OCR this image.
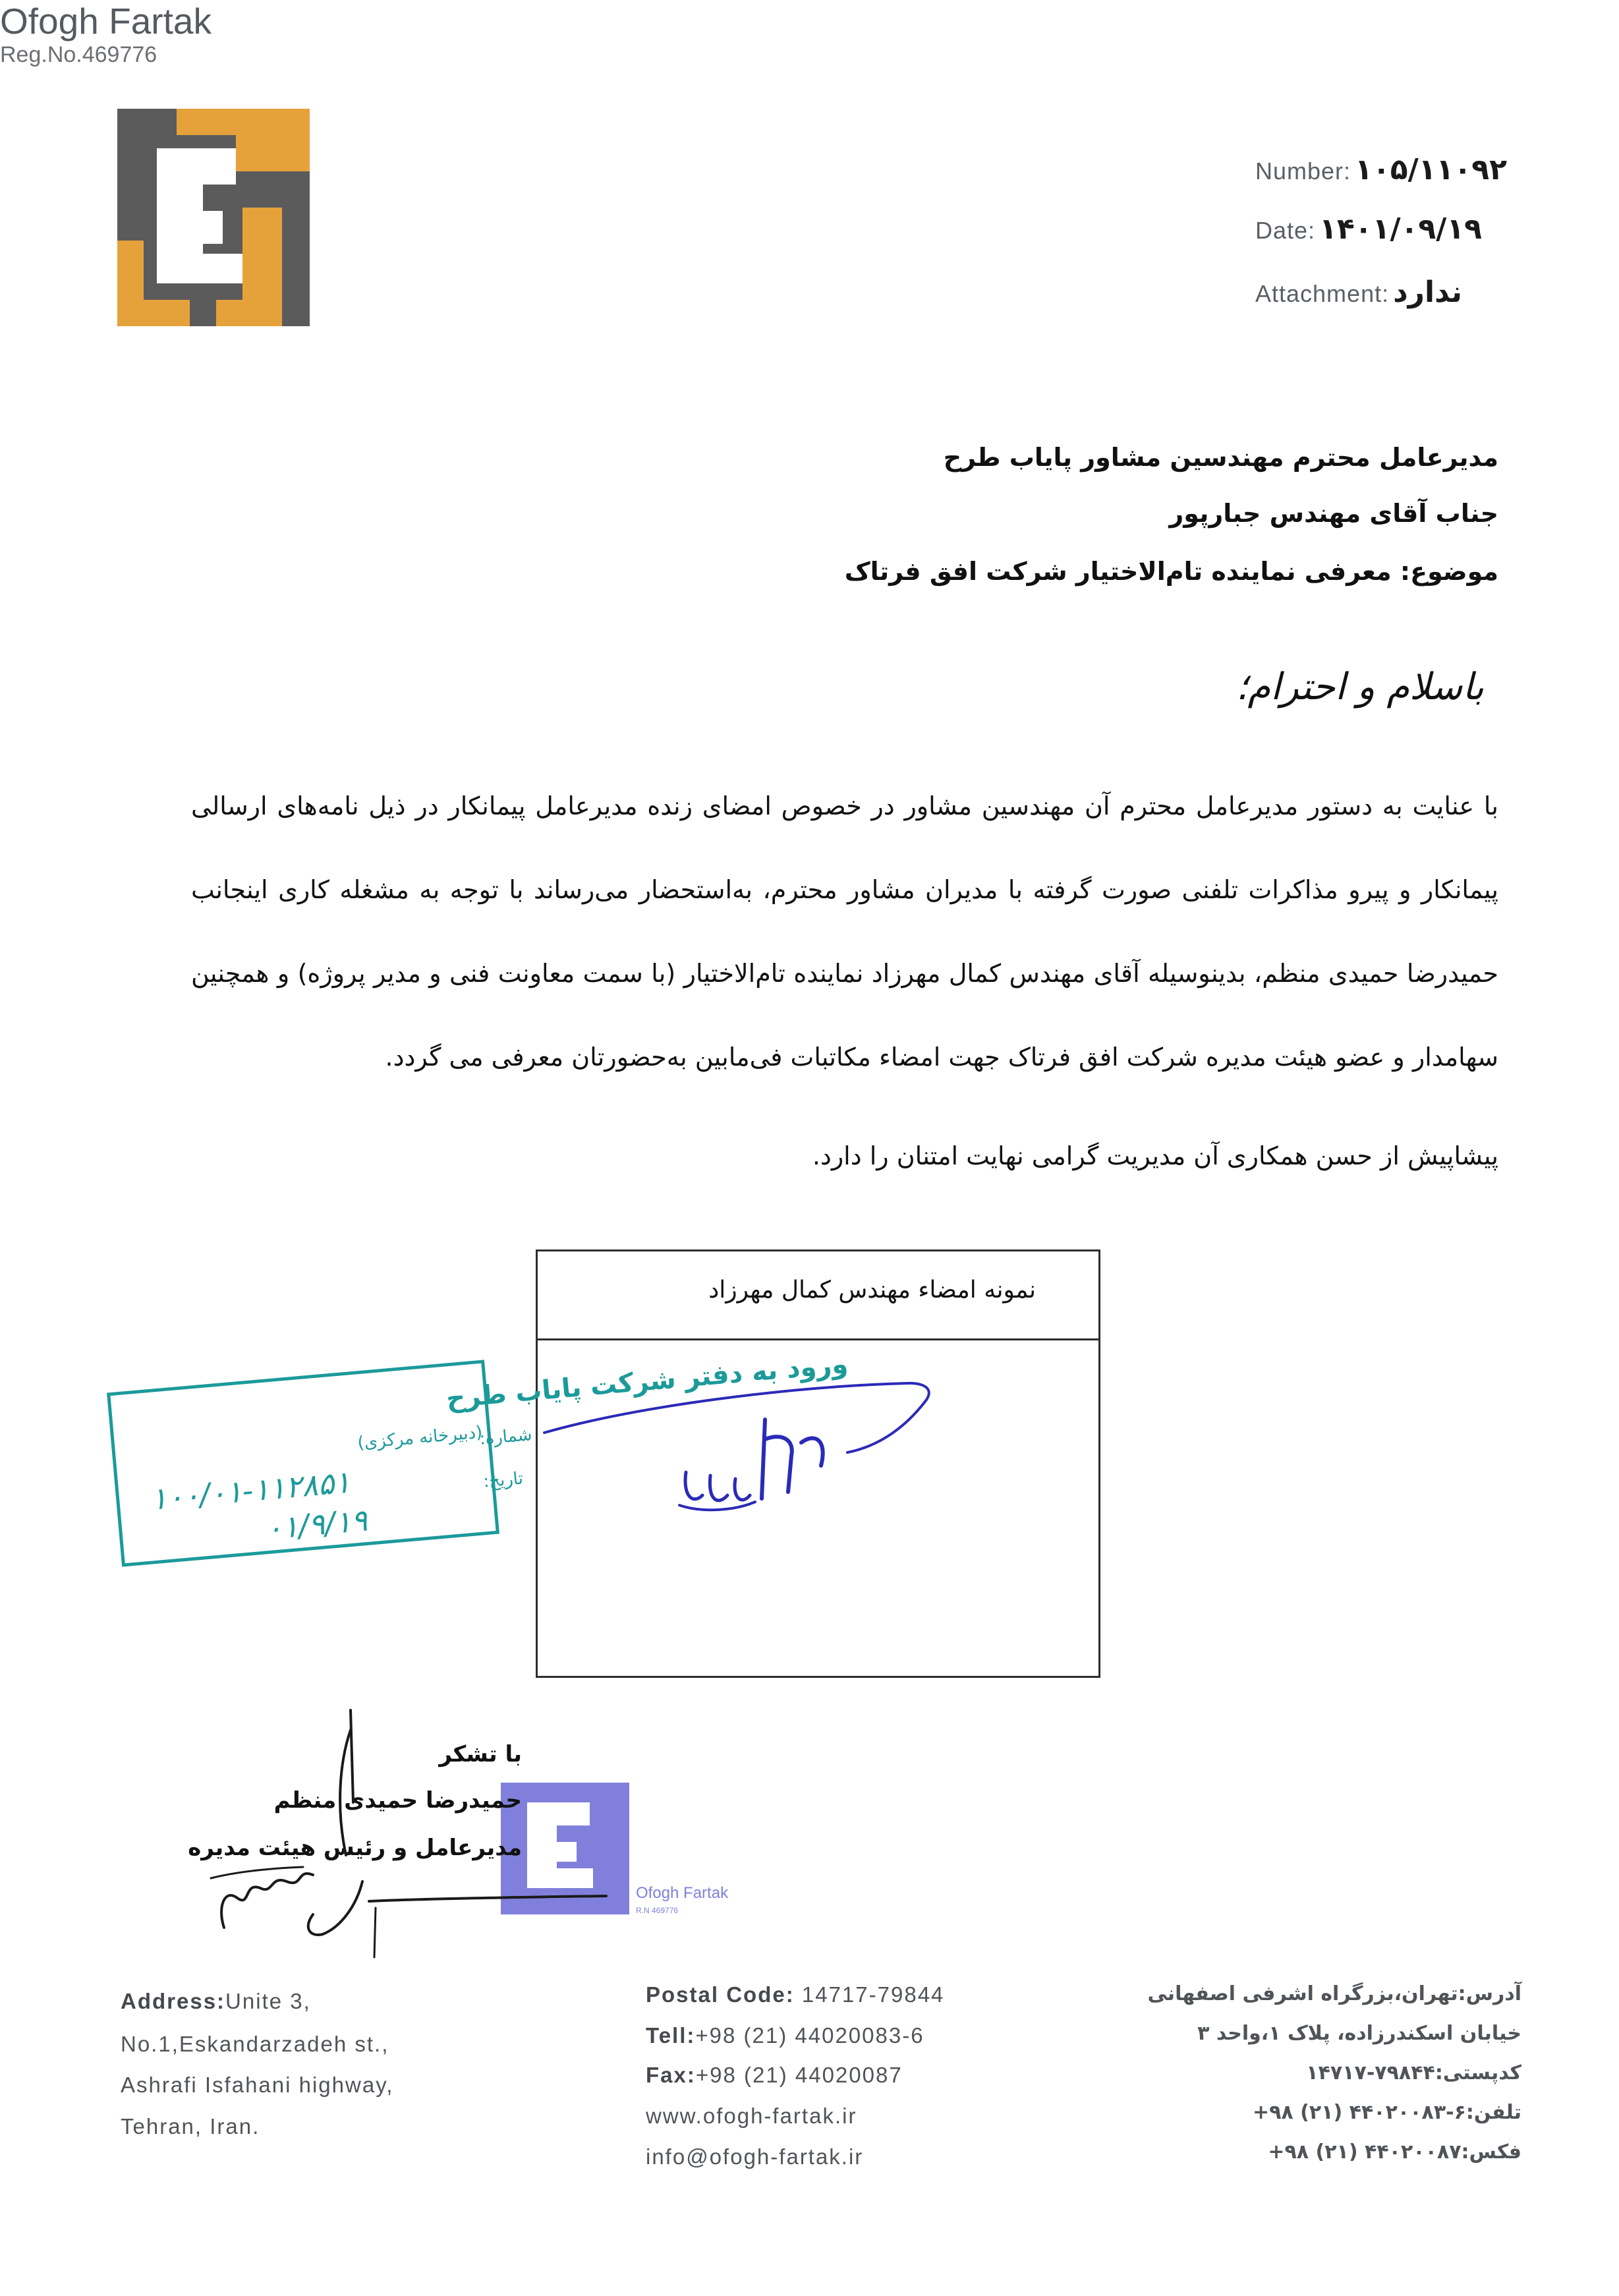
Ofogh Fartak
Reg.No.469776
Number: ۱۰۵/۱۱۰۹۲
Date: ۱۴۰۱/۰۹/۱۹
Attachment: ندارد
مدیرعامل محترم مهندسین مشاور پایاب طرح
جناب آقای مهندس جبارپور
موضوع: معرفی نماینده تام‌الاختیار شرکت افق فرتاک
باسلام و احترام؛
با عنایت به دستور مدیرعامل محترم آن مهندسین مشاور در خصوص امضای زنده مدیرعامل پیمانکار در ذیل نامه‌های ارسالی پیمانکار و پیرو مذاکرات تلفنی صورت گرفته با مدیران مشاور محترم، به‌استحضار می‌رساند با توجه به مشغله کاری اینجانب حمیدرضا حمیدی منظم، بدینوسیله آقای مهندس کمال مهرزاد نماینده تام‌الاختیار (با سمت معاونت فنی و مدیر پروژه) و همچنین سهامدار و عضو هیئت مدیره شرکت افق فرتاک جهت امضاء مکاتبات فی‌مابین به‌حضورتان معرفی می گردد.
پیشاپیش از حسن همکاری آن مدیریت گرامی نهایت امتنان را دارد.
نمونه امضاء مهندس کمال مهرزاد
ورود به دفتر شرکت پایاب طرح
(دبیرخانه مرکزی)
شماره:
تاریخ:
۱۰۰/۰۱-۱۱۲۸۵۱
۰۱/۹/۱۹
Ofogh Fartak
R.N 469776
با تشکر
حمیدرضا حمیدی منظم
مدیرعامل و رئیس هیئت مدیره
Address:Unite 3,
No.1,Eskandarzadeh st.,
Ashrafi Isfahani highway,
Tehran, Iran.
Postal Code: 14717-79844
Tell:+98 (21) 44020083-6
Fax:+98 (21) 44020087
www.ofogh-fartak.ir
info@ofogh-fartak.ir
آدرس:تهران،بزرگراه اشرفی اصفهانی
خیابان اسکندرزاده، پلاک ۱،واحد ۳
کدپستی:۷۹۸۴۴-۱۴۷۱۷
تلفن:۶-۴۴۰۲۰۰۸۳ (۲۱) ۹۸+
فکس:۴۴۰۲۰۰۸۷ (۲۱) ۹۸+
